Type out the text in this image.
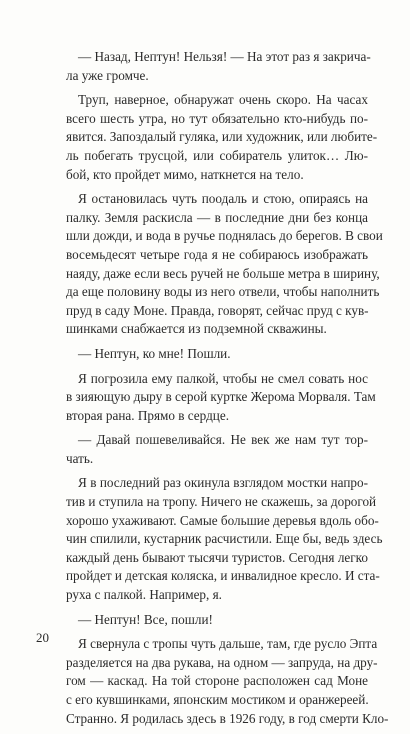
— Назад, Нептун! Нельзя! — На этот раз я закрича-
ла уже громче.
Труп, наверное, обнаружат очень скоро. На часах
всего шесть утра, но тут обязательно кто-нибудь по-
явится. Запоздалый гуляка, или художник, или любите-
ль побегать трусцой, или собиратель улиток… Лю-
бой, кто пройдет мимо, наткнется на тело.
Я остановилась чуть поодаль и стою, опираясь на
палку. Земля раскисла — в последние дни без конца
шли дожди, и вода в ручье поднялась до берегов. В свои
восемьдесят четыре года я не собираюсь изображать
наяду, даже если весь ручей не больше метра в ширину,
да еще половину воды из него отвели, чтобы наполнить
пруд в саду Моне. Правда, говорят, сейчас пруд с кув-
шинками снабжается из подземной скважины.
— Нептун, ко мне! Пошли.
Я погрозила ему палкой, чтобы не смел совать нос
в зияющую дыру в серой куртке Жерома Морваля. Там
вторая рана. Прямо в сердце.
— Давай пошевеливайся. Не век же нам тут тор-
чать.
Я в последний раз окинула взглядом мостки напро-
тив и ступила на тропу. Ничего не скажешь, за дорогой
хорошо ухаживают. Самые большие деревья вдоль обо-
чин спилили, кустарник расчистили. Еще бы, ведь здесь
каждый день бывают тысячи туристов. Сегодня легко
пройдет и детская коляска, и инвалидное кресло. И ста-
руха с палкой. Например, я.
— Нептун! Все, пошли!
Я свернула с тропы чуть дальше, там, где русло Эпта
разделяется на два рукава, на одном — запруда, на дру-
гом — каскад. На той стороне расположен сад Моне
с его кувшинками, японским мостиком и оранжереей.
Странно. Я родилась здесь в 1926 году, в год смерти Кло-
20
